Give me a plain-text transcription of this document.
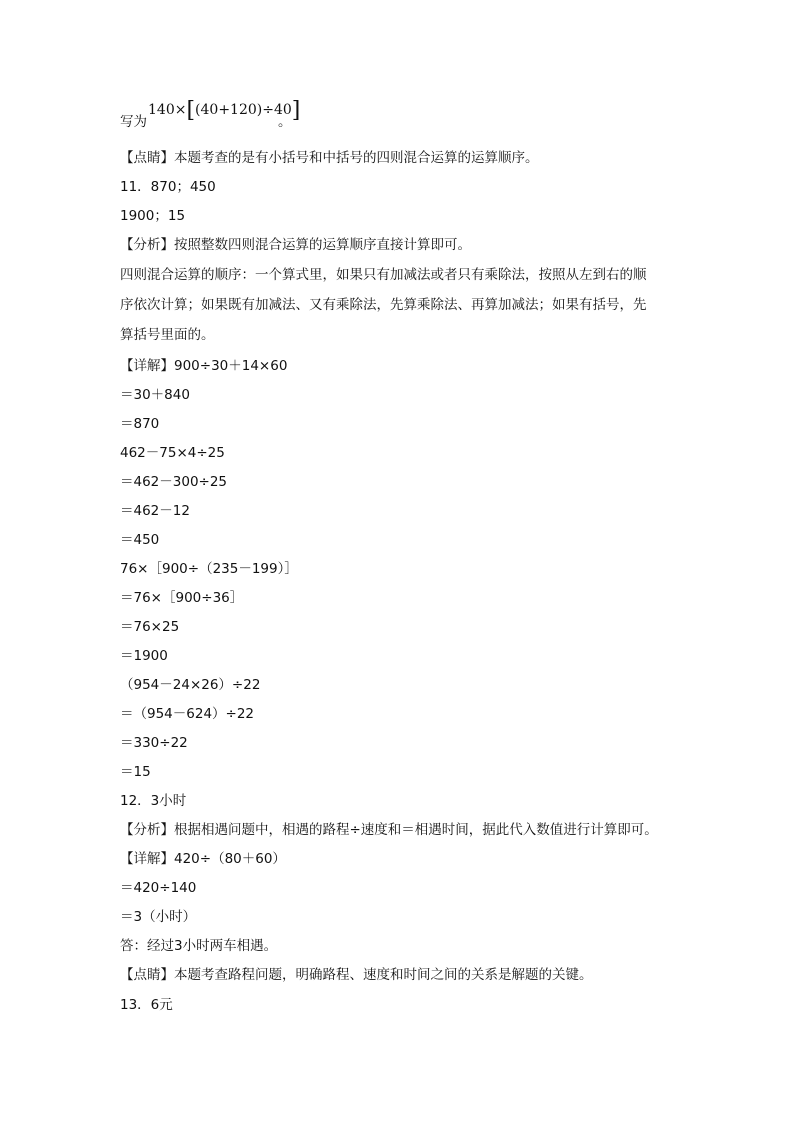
写为
140×[(40+120)÷40]
。
【点睛】本题考查的是有小括号和中括号的四则混合运算的运算顺序。
11．870；450
1900；15
【分析】按照整数四则混合运算的运算顺序直接计算即可。
四则混合运算的顺序：一个算式里，如果只有加减法或者只有乘除法，按照从左到右的顺
序依次计算；如果既有加减法、又有乘除法，先算乘除法、再算加减法；如果有括号，先
算括号里面的。
【详解】900÷30＋14×60
＝30＋840
＝870
462－75×4÷25
＝462－300÷25
＝462－12
＝450
76×［900÷（235－199）］
＝76×［900÷36］
＝76×25
＝1900
（954－24×26）÷22
＝（954－624）÷22
＝330÷22
＝15
12．3小时
【分析】根据相遇问题中，相遇的路程÷速度和＝相遇时间，据此代入数值进行计算即可。
【详解】420÷（80＋60）
＝420÷140
＝3（小时）
答：经过3小时两车相遇。
【点睛】本题考查路程问题，明确路程、速度和时间之间的关系是解题的关键。
13．6元
